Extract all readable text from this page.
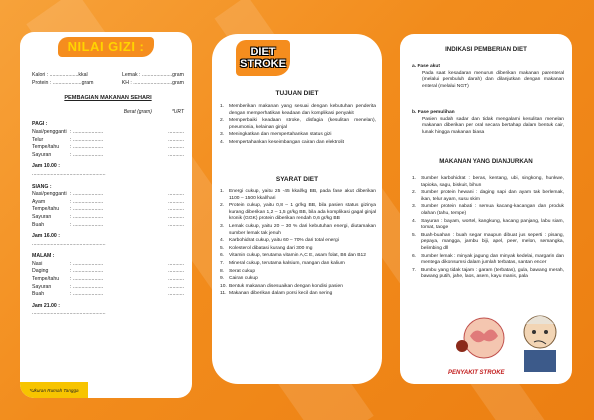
NILAI GIZI :
Kalori : ....................kkal	Lemak : .....................gram
Protein : ....................gram	KH : ...........................gram
PEMBAGIAN MAKANAN SEHARI
Berat (gram)	*URT
PAGI :
Nasi/pengganti : .....................	...........
Telur	: .....................	...........
Tempe/tahu	: .....................	...........
Sayuran	: .....................	...........
Jam 10.00 :
...................................................
SIANG :
Nasi/pengganti : .....................	...........
Ayam	: .....................	...........
Tempe/tahu	: .....................	...........
Sayuran	: .....................	...........
Buah	: .....................	...........
Jam 16.00 :
...................................................
MALAM :
Nasi	: .....................	...........
Daging	: .....................	...........
Tempe/tahu	: .....................	...........
Sayuran	: .....................	...........
Buah	: .....................	...........
Jam 21.00 :
...................................................
*Ukuran Rumah Tangga
DIET
STROKE
TUJUAN DIET
1.	Memberikan makanan yang sesuai dengan kebutuhan penderita dengan memperhatikan keadaan dan komplikasi penyakit
2.	Memperbaiki keadaan stroke, disfagia (kesulitan menelan), pneumonia, kelainan ginjal
3.	Meningkatkan dan mempertahankan status gizi
4.	Mempertahankan keseimbangan cairan dan elektrolit
SYARAT DIET
1.	Energi cukup, yaitu 25 -45 kkal/kg BB, pada fase akut diberikan 1100 – 1500 kkal/hari
2.	Protein cukup, yaitu 0,8 – 1 gr/kg BB, bila pasien status gizinya kurang diberikan 1,2 – 1,5 gr/kg BB, bila ada komplikasi gagal ginjal kronik (GGK) protein diberikan rendah 0,6 gr/kg BB
3.	Lemak cukup, yaitu 20 – 30 % dari kebutuhan energi, diutamakan sumber lemak tak jenuh
4.	Karbohidrat cukup, yaitu 60 – 70% dari total energi
5.	Kolesterol dibatasi kurang dari 300 mg
6.	Vitamin cukup, terutama vitamin A,C E, asam folat, B6 dan B12
7.	Mineral cukup, terutama kalsium, mangan dan kalium
8.	Serat cukup
9.	Cairan cukup
10. Bentuk makanan disesuaikan dengan kondisi pasien
11. Makanan diberikan dalam porsi kecil dan sering
INDIKASI PEMBERIAN DIET
a. Fase akut
Pada saat kesadaran menurun diberikan makanan parenteral (melalui pembuluh darah) dan dilanjutkan dengan makanan enteral (melalui NGT)
b. Fase pemulihan
Pasien sudah sadar dan tidak mengalami kesulitan menelan makanan diberikan per oral secara bertahap dalam bentuk cair, lunak hingga makanan biasa
MAKANAN YANG DIANJURKAN
1.	Sumber karbohidrat : beras, kentang, ubi, singkong, hunkwe, tapioka, sagu, biskuit, bihun
2.	Sumber protein hewani : daging sapi dan ayam tak berlemak, ikan, telur ayam, susu skim
3.	Sumber protein nabati : semua kacang-kacangan dan produk olahan (tahu, tempe)
4.	Sayuran : bayam, wortel, kangkung, kacang panjang, labu siam, tomat, taoge
5.	Buah-buahan : buah segar maupun dibuat jus seperti : pisang, pepaya, mangga, jambu biji, apel, peer, melon, semangka, belimbing dll
6.	Sumber lemak : minyak jagung dan minyak kedelai, margarin dan mentega dikonsumsi dalam jumlah terbatas, santan encer
7.	Bumbu yang tidak tajam : garam (terbatas), gula, bawang merah, bawang putih, jahe, laos, asem, kayu manis, pala
PENYAKIT STROKE
